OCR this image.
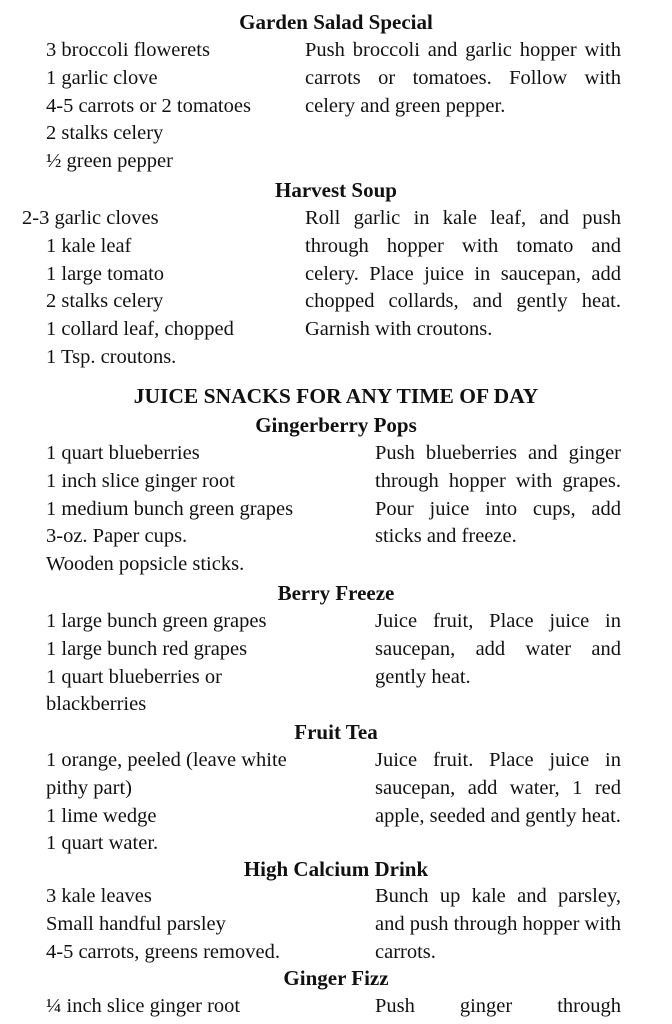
Garden Salad Special
3 broccoli flowerets
1 garlic clove
4-5 carrots or 2 tomatoes
2 stalks celery
½ green pepper

Push broccoli and garlic hopper with carrots or tomatoes. Follow with celery and green pepper.

Harvest Soup
2-3 garlic cloves
1 kale leaf
1 large tomato
2 stalks celery
1 collard leaf, chopped
1 Tsp. croutons.

Roll garlic in kale leaf, and push through hopper with tomato and celery. Place juice in saucepan, add chopped collards, and gently heat. Garnish with croutons.

JUICE SNACKS FOR ANY TIME OF DAY
Gingerberry Pops
1 quart blueberries
1 inch slice ginger root
1 medium bunch green grapes
3-oz. Paper cups.
Wooden popsicle sticks.

Push blueberries and ginger through hopper with grapes. Pour juice into cups, add sticks and freeze.

Berry Freeze
1 large bunch green grapes
1 large bunch red grapes
1 quart blueberries or
blackberries

Juice fruit, Place juice in saucepan, add water and gently heat.

Fruit Tea
1 orange, peeled (leave white
pithy part)
1 lime wedge
1 quart water.

Juice fruit. Place juice in saucepan, add water, 1 red apple, seeded and gently heat.

High Calcium Drink
3 kale leaves
Small handful parsley
4-5 carrots, greens removed.

Bunch up kale and parsley, and push through hopper with carrots.

Ginger Fizz
¼ inch slice ginger root	Push ginger through
